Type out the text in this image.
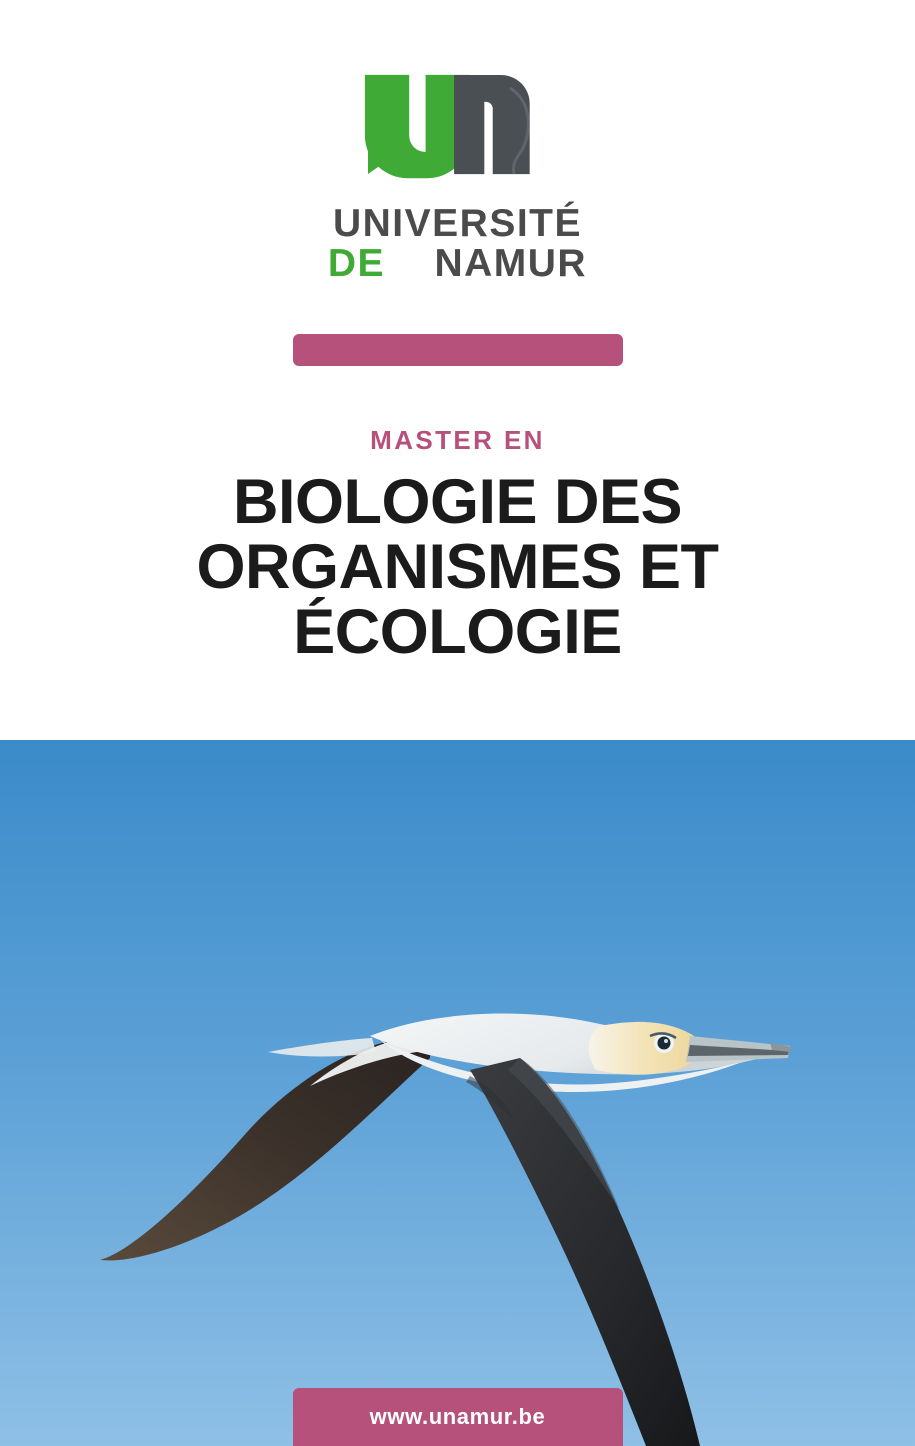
UNIVERSITÉ
DE NAMUR
MASTER EN
BIOLOGIE DES ORGANISMES ET ÉCOLOGIE
www.unamur.be
